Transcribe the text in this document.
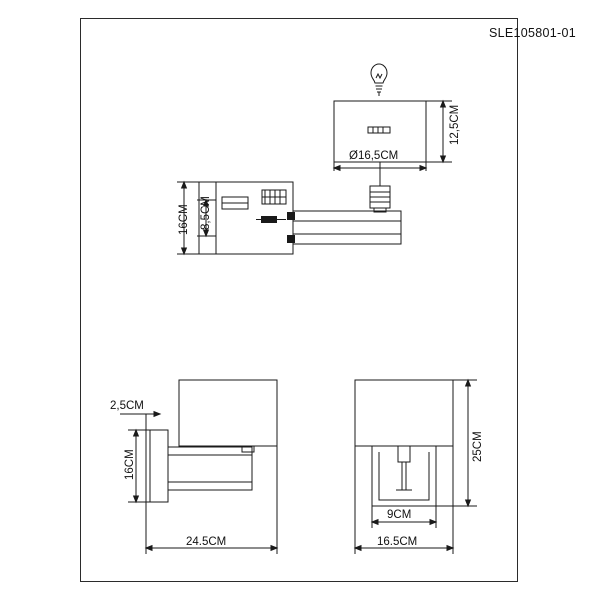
SLE105801-01
Ø16,5CM
12,5CM
16CM 8,5CM
2,5CM
16CM
24.5CM
25CM
9CM
16.5CM
